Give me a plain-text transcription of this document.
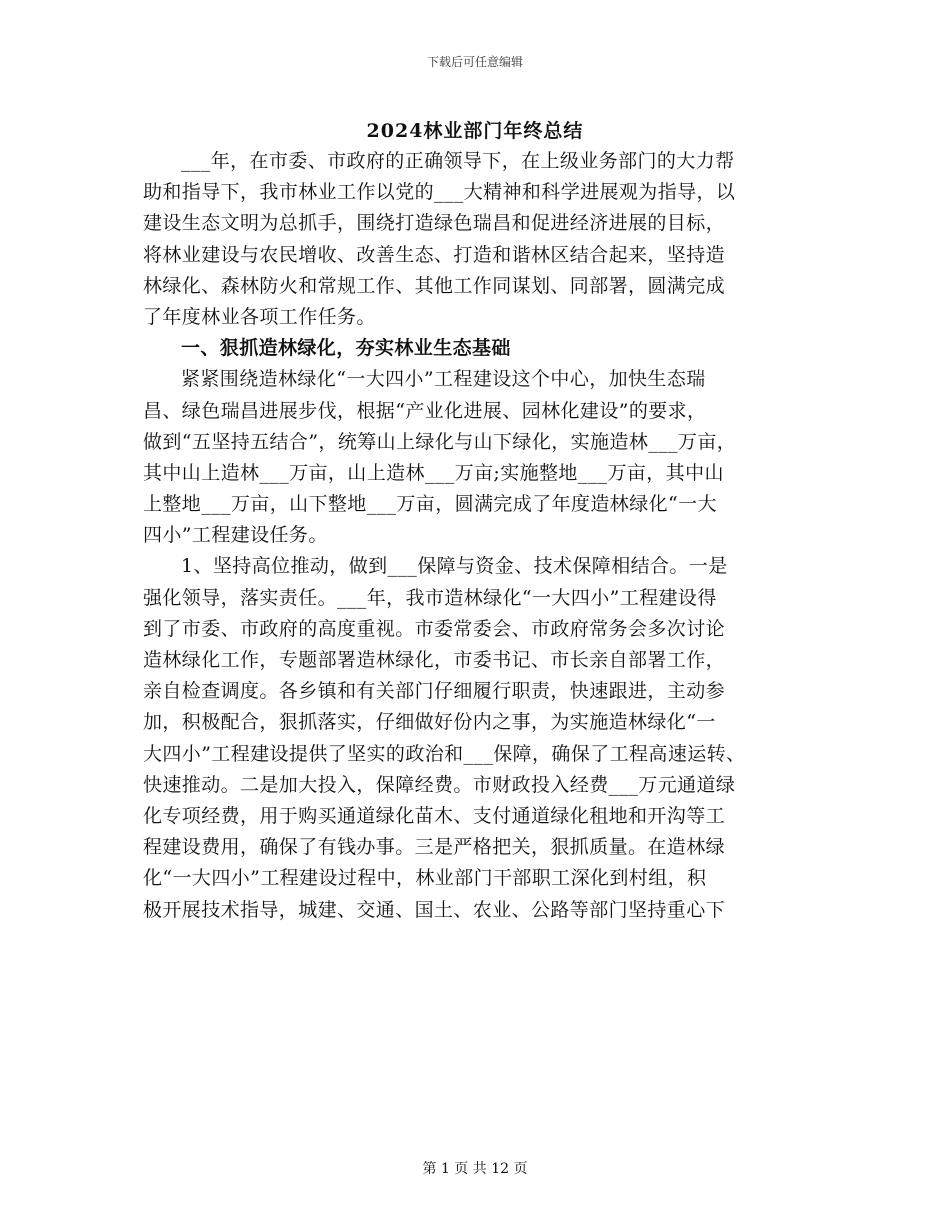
下载后可任意编辑
2024林业部门年终总结
___年，在市委、市政府的正确领导下，在上级业务部门的大力帮
助和指导下，我市林业工作以党的___大精神和科学进展观为指导，以
建设生态文明为总抓手，围绕打造绿色瑞昌和促进经济进展的目标，
将林业建设与农民增收、改善生态、打造和谐林区结合起来，坚持造
林绿化、森林防火和常规工作、其他工作同谋划、同部署，圆满完成
了年度林业各项工作任务。
一、狠抓造林绿化，夯实林业生态基础
紧紧围绕造林绿化“一大四小”工程建设这个中心，加快生态瑞
昌、绿色瑞昌进展步伐，根据“产业化进展、园林化建设”的要求，
做到“五坚持五结合”，统筹山上绿化与山下绿化，实施造林___万亩，
其中山上造林___万亩，山上造林___万亩;实施整地___万亩，其中山
上整地___万亩，山下整地___万亩，圆满完成了年度造林绿化“一大
四小”工程建设任务。
1、坚持高位推动，做到___保障与资金、技术保障相结合。一是
强化领导，落实责任。___年，我市造林绿化“一大四小”工程建设得
到了市委、市政府的高度重视。市委常委会、市政府常务会多次讨论
造林绿化工作，专题部署造林绿化，市委书记、市长亲自部署工作，
亲自检查调度。各乡镇和有关部门仔细履行职责，快速跟进，主动参
加，积极配合，狠抓落实，仔细做好份内之事，为实施造林绿化“一
大四小”工程建设提供了坚实的政治和___保障，确保了工程高速运转、
快速推动。二是加大投入，保障经费。市财政投入经费___万元通道绿
化专项经费，用于购买通道绿化苗木、支付通道绿化租地和开沟等工
程建设费用，确保了有钱办事。三是严格把关，狠抓质量。在造林绿
化“一大四小”工程建设过程中，林业部门干部职工深化到村组，积
极开展技术指导，城建、交通、国土、农业、公路等部门坚持重心下
第 1 页 共 12 页
